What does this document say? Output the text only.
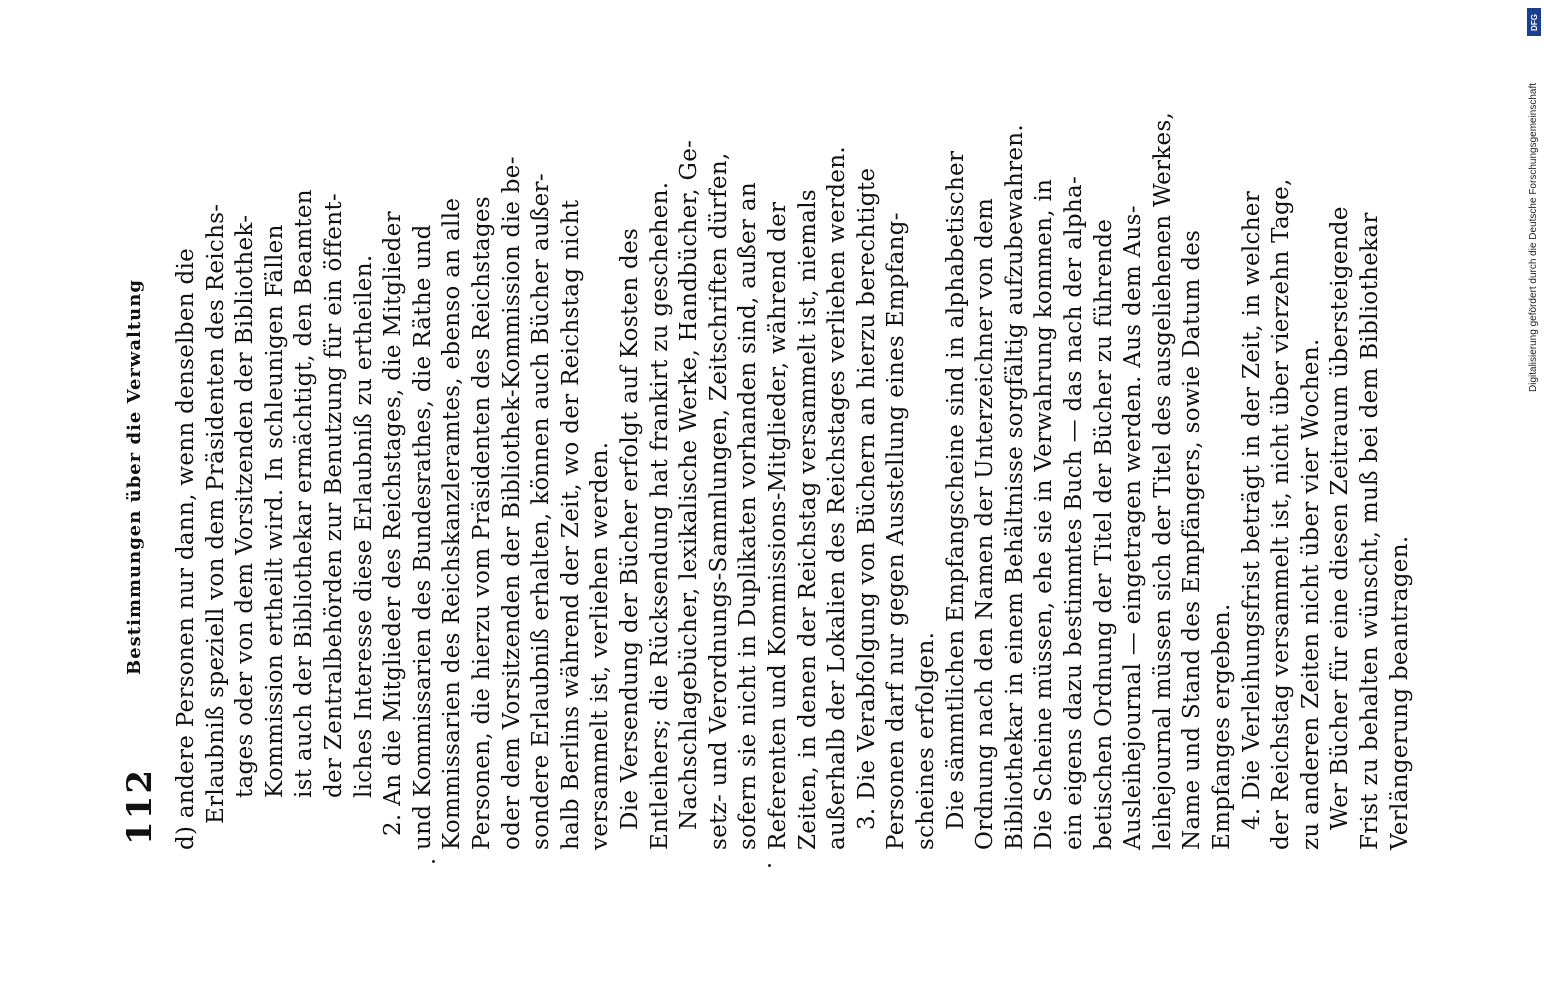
112
Bestimmungen über die Verwaltung d) andere Personen nur dann, wenn denselben die Erlaubniß speziell von dem Präsidenten des Reichs- tages oder von dem Vorsitzenden der Bibliothek- Kommission ertheilt wird. In schleunigen Fällen ist auch der Bibliothekar ermächtigt, den Beamten der Zentralbehörden zur Benutzung für ein öffent- liches Interesse diese Erlaubniß zu ertheilen. 2. An die Mitglieder des Reichstages, die Mitglieder und Kommissarien des Bundesrathes, die Räthe und Kommissarien des Reichskanzleramtes, ebenso an alle Personen, die hierzu vom Präsidenten des Reichstages oder dem Vorsitzenden der Bibliothek-Kommission die be- sondere Erlaubniß erhalten, können auch Bücher außer- halb Berlins während der Zeit, wo der Reichstag nicht versammelt ist, verliehen werden. Die Versendung der Bücher erfolgt auf Kosten des Entleihers; die Rücksendung hat frankirt zu geschehen. Nachschlagebücher, lexikalische Werke, Handbücher, Ge- setz- und Verordnungs-Sammlungen, Zeitschriften dürfen, sofern sie nicht in Duplikaten vorhanden sind, außer an Referenten und Kommissions-Mitglieder, während der Zeiten, in denen der Reichstag versammelt ist, niemals außerhalb der Lokalien des Reichstages verliehen werden. 3. Die Verabfolgung von Büchern an hierzu berechtigte Personen darf nur gegen Ausstellung eines Empfang- scheines erfolgen. Die sämmtlichen Empfangscheine sind in alphabetischer Ordnung nach den Namen der Unterzeichner von dem Bibliothekar in einem Behältnisse sorgfältig aufzubewahren. Die Scheine müssen, ehe sie in Verwahrung kommen, in ein eigens dazu bestimmtes Buch — das nach der alpha- betischen Ordnung der Titel der Bücher zu führende Ausleihejournal — eingetragen werden. Aus dem Aus- leihejournal müssen sich der Titel des ausgeliehenen Werkes, Name und Stand des Empfängers, sowie Datum des Empfanges ergeben. 4. Die Verleihungsfrist beträgt in der Zeit, in welcher der Reichstag versammelt ist, nicht über vierzehn Tage, zu anderen Zeiten nicht über vier Wochen. Wer Bücher für eine diesen Zeitraum übersteigende Frist zu behalten wünscht, muß bei dem Bibliothekar Verlängerung beantragen.
Digitalisierung gefördert durch die Deutsche Forschungsgemeinschaft
DFG
